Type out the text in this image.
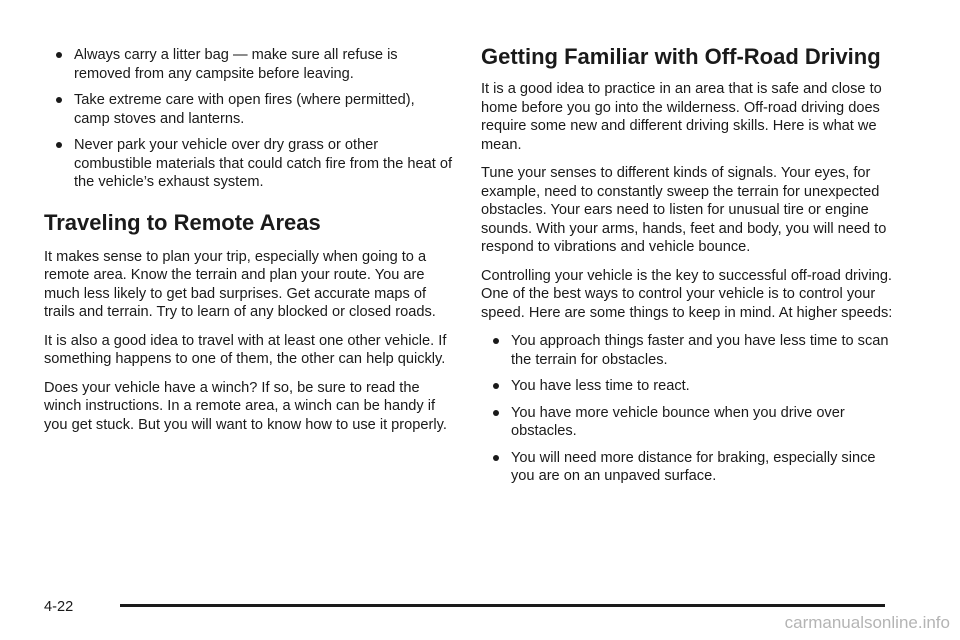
Always carry a litter bag — make sure all refuse is removed from any campsite before leaving.
Take extreme care with open fires (where permitted), camp stoves and lanterns.
Never park your vehicle over dry grass or other combustible materials that could catch fire from the heat of the vehicle’s exhaust system.
Traveling to Remote Areas

It makes sense to plan your trip, especially when going to a remote area. Know the terrain and plan your route. You are much less likely to get bad surprises. Get accurate maps of trails and terrain. Try to learn of any blocked or closed roads.

It is also a good idea to travel with at least one other vehicle. If something happens to one of them, the other can help quickly.

Does your vehicle have a winch? If so, be sure to read the winch instructions. In a remote area, a winch can be handy if you get stuck. But you will want to know how to use it properly.

Getting Familiar with Off-Road Driving

It is a good idea to practice in an area that is safe and close to home before you go into the wilderness. Off-road driving does require some new and different driving skills. Here is what we mean.

Tune your senses to different kinds of signals. Your eyes, for example, need to constantly sweep the terrain for unexpected obstacles. Your ears need to listen for unusual tire or engine sounds. With your arms, hands, feet and body, you will need to respond to vibrations and vehicle bounce.

Controlling your vehicle is the key to successful off-road driving. One of the best ways to control your vehicle is to control your speed. Here are some things to keep in mind. At higher speeds:

You approach things faster and you have less time to scan the terrain for obstacles.
You have less time to react.
You have more vehicle bounce when you drive over obstacles.
You will need more distance for braking, especially since you are on an unpaved surface.
4-22
carmanualsonline.info
